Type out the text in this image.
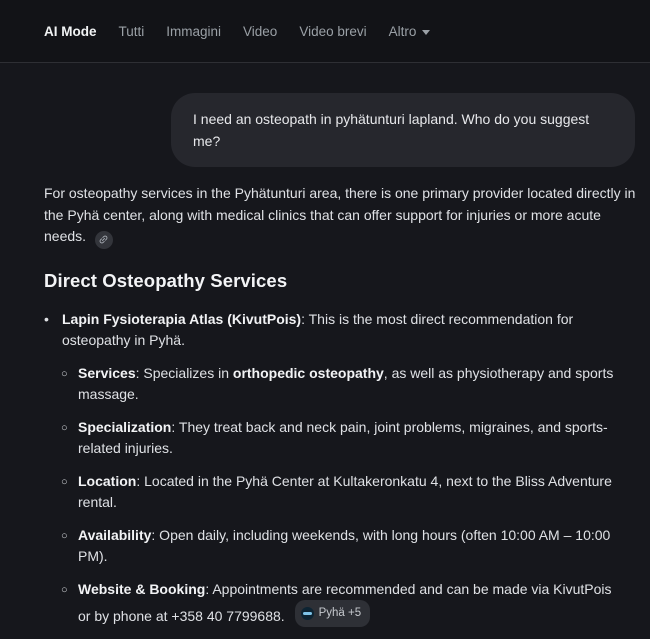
AI Mode Tutti Immagini Video Video brevi Altro
I need an osteopath in pyhätunturi lapland. Who do you suggest me?

For osteopathy services in the Pyhätunturi area, there is one primary provider located directly in the Pyhä center, along with medical clinics that can offer support for injuries or more acute needs.

Direct Osteopathy Services
• Lapin Fysioterapia Atlas (KivutPois): This is the most direct recommendation for osteopathy in Pyhä.
○ Services: Specializes in orthopedic osteopathy, as well as physiotherapy and sports massage.
○ Specialization: They treat back and neck pain, joint problems, migraines, and sports-related injuries.
○ Location: Located in the Pyhä Center at Kultakeronkatu 4, next to the Bliss Adventure rental.
○ Availability: Open daily, including weekends, with long hours (often 10:00 AM – 10:00 PM).
○ Website & Booking: Appointments are recommended and can be made via KivutPois or by phone at +358 40 7799688.	Pyhä +5
